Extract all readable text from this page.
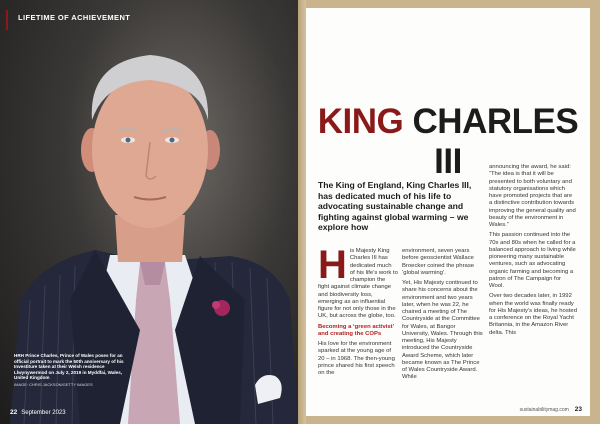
LIFETIME OF ACHIEVEMENT
HRH Prince Charles, Prince of Wales poses for an official portrait to mark the 50th anniversary of his Investiture taken at their Welsh residence Llwynywermod on July 2, 2019 in Myddfai, Wales, United Kingdom
IMAGE: CHRIS JACKSON/GETTY IMAGES
22 September 2023
KING CHARLES III
The King of England, King Charles III, has dedicated much of his life to advocating sustainable change and fighting against global warming – we explore how

His Majesty King Charles III has dedicated much of his life’s work to champion the fight against climate change and biodiversity loss, emerging as an influential figure for not only those in the UK, but across the globe, too.

Becoming a ‘green activist’ and creating the COPs

His love for the environment sparked at the young age of 20 – in 1968. The then-young prince shared his first speech on the

environment, seven years before geoscientist Wallace Broecker coined the phrase ‘global warming’.

Yet, His Majesty continued to share his concerns about the environment and two years later, when he was 22, he chaired a meeting of The Countryside at the Committee for Wales, at Bangor University, Wales. Through this meeting, His Majesty introduced the Countryside Award Scheme, which later became known as The Prince of Wales Countryside Award. While

announcing the award, he said: “The idea is that it will be presented to both voluntary and statutory organisations which have promoted projects that are a distinctive contribution towards improving the general quality and beauty of the environment in Wales.”

This passion continued into the 70s and 80s when he called for a balanced approach to living while pioneering many sustainable ventures, such as advocating organic farming and becoming a patron of The Campaign for Wool.

Over two decades later, in 1992 when the world was finally ready for His Majesty’s ideas, he hosted a conference on the Royal Yacht Britannia, in the Amazon River delta. This

sustainabilitymag.com 23
